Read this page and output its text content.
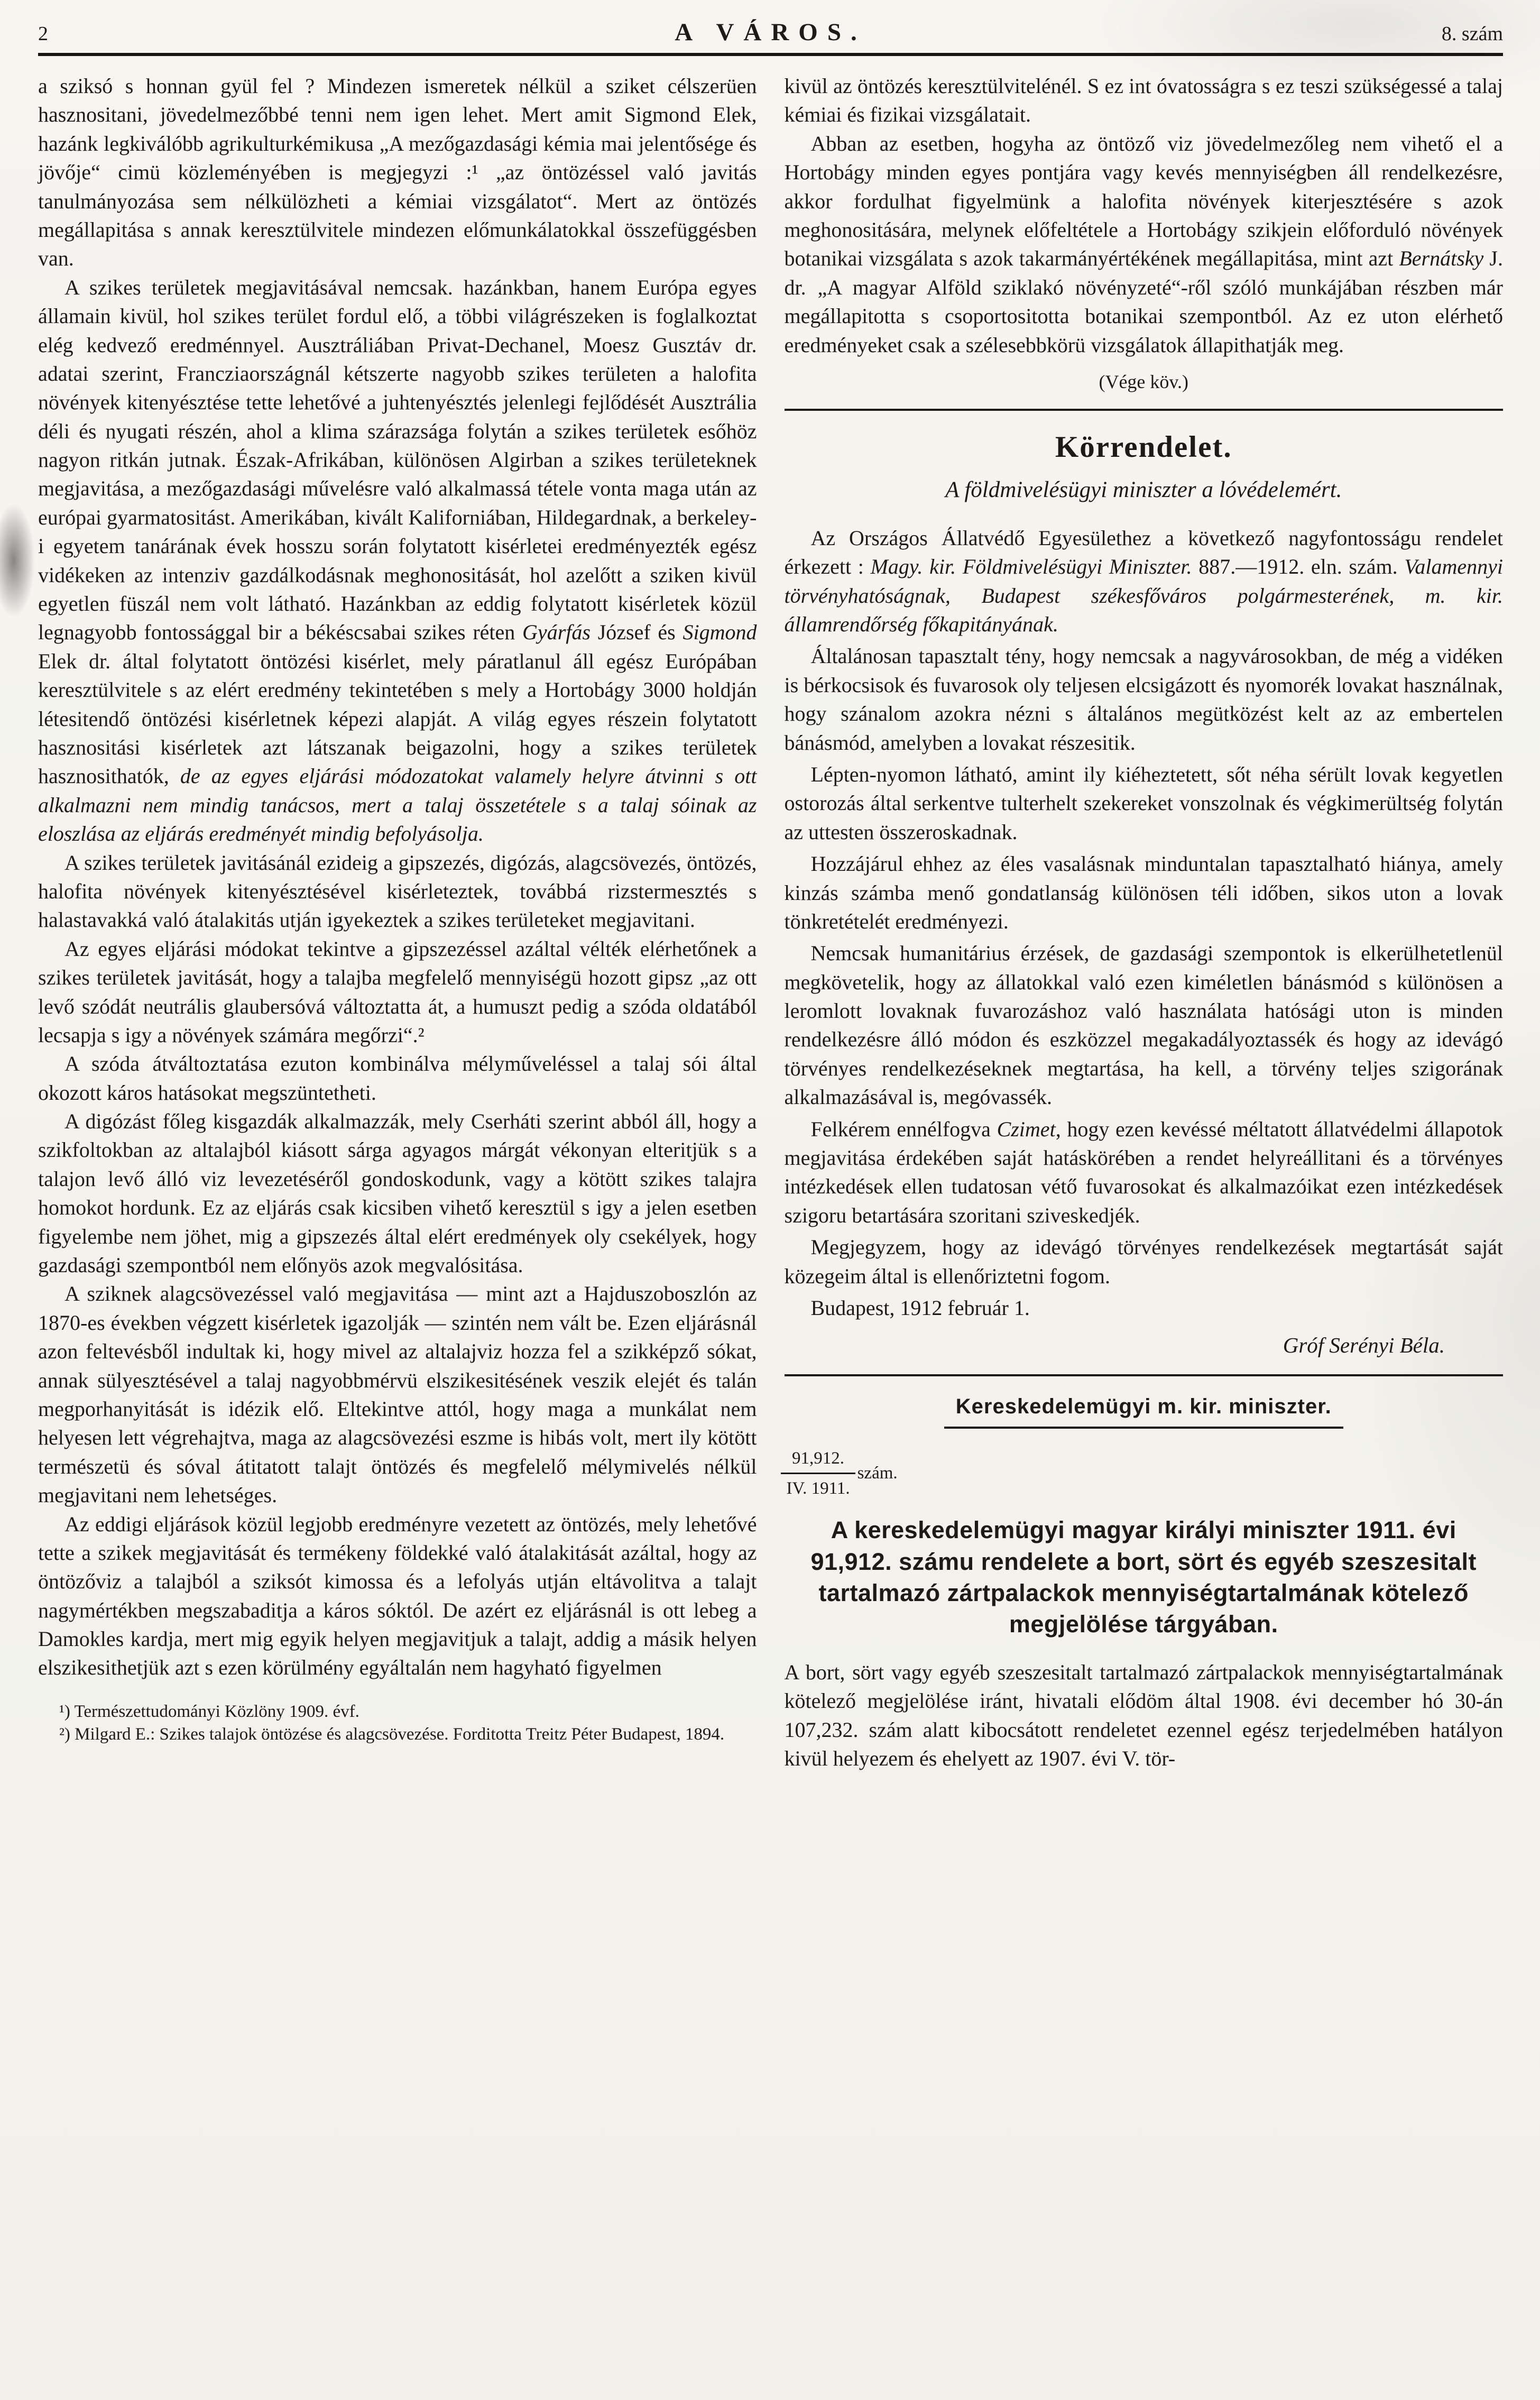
2	A VÁROS.	8. szám

a sziksó s honnan gyül fel ? Mindezen ismeretek nélkül a sziket célszerüen hasznositani, jövedelmezőbbé tenni nem igen lehet. Mert amit Sigmond Elek, hazánk legkiválóbb agrikulturkémikusa „A mezőgazdasági kémia mai jelentősége és jövője“ cimü közleményében is megjegyzi :¹ „az öntözéssel való javitás tanulmányozása sem nélkülözheti a kémiai vizsgálatot“. Mert az öntözés megállapitása s annak keresztülvitele mindezen előmunkálatokkal összefüggésben van.

A szikes területek megjavitásával nemcsak. hazánkban, hanem Európa egyes államain kivül, hol szikes terület fordul elő, a többi világrészeken is foglalkoztat elég kedvező eredménnyel. Ausztráliában Privat-Dechanel, Moesz Gusztáv dr. adatai szerint, Francziaországnál kétszerte nagyobb szikes területen a halofita növények kitenyésztése tette lehetővé a juhtenyésztés jelenlegi fejlődését Ausztrália déli és nyugati részén, ahol a klima szárazsága folytán a szikes területek esőhöz nagyon ritkán jutnak. Észak-Afrikában, különösen Algirban a szikes területeknek megjavitása, a mezőgazdasági művelésre való alkalmassá tétele vonta maga után az európai gyarmatositást. Amerikában, kivált Kaliforniában, Hildegardnak, a berkeley-i egyetem tanárának évek hosszu során folytatott kisérletei eredményezték egész vidékeken az intenziv gazdálkodásnak meghonositását, hol azelőtt a sziken kivül egyetlen füszál nem volt látható. Hazánkban az eddig folytatott kisérletek közül legnagyobb fontossággal bir a békéscsabai szikes réten Gyárfás József és Sigmond Elek dr. által folytatott öntözési kisérlet, mely páratlanul áll egész Európában keresztülvitele s az elért eredmény tekintetében s mely a Hortobágy 3000 holdján létesitendő öntözési kisérletnek képezi alapját. A világ egyes részein folytatott hasznositási kisérletek azt látszanak beigazolni, hogy a szikes területek hasznosithatók, de az egyes eljárási módozatokat valamely helyre átvinni s ott alkalmazni nem mindig tanácsos, mert a talaj összetétele s a talaj sóinak az eloszlása az eljárás eredményét mindig befolyásolja.

A szikes területek javitásánál ezideig a gipszezés, digózás, alagcsövezés, öntözés, halofita növények kitenyésztésével kisérleteztek, továbbá rizstermesztés s halastavakká való átalakitás utján igyekeztek a szikes területeket megjavitani.

Az egyes eljárási módokat tekintve a gipszezéssel azáltal vélték elérhetőnek a szikes területek javitását, hogy a talajba megfelelő mennyiségü hozott gipsz „az ott levő szódát neutrális glaubersóvá változtatta át, a humuszt pedig a szóda oldatából lecsapja s igy a növények számára megőrzi“.²

A szóda átváltoztatása ezuton kombinálva mélyműveléssel a talaj sói által okozott káros hatásokat megszüntetheti.

A digózást főleg kisgazdák alkalmazzák, mely Cserháti szerint abból áll, hogy a szikfoltokban az altalajból kiásott sárga agyagos márgát vékonyan elteritjük s a talajon levő álló viz levezetéséről gondoskodunk, vagy a kötött szikes talajra homokot hordunk. Ez az eljárás csak kicsiben vihető keresztül s igy a jelen esetben figyelembe nem jöhet, mig a gipszezés által elért eredmények oly csekélyek, hogy gazdasági szempontból nem előnyös azok megvalósitása.

A sziknek alagcsövezéssel való megjavitása — mint azt a Hajduszoboszlón az 1870-es években végzett kisérletek igazolják — szintén nem vált be. Ezen eljárásnál azon feltevésből indultak ki, hogy mivel az altalajviz hozza fel a szikképző sókat, annak sülyesztésével a talaj nagyobbmérvü elszikesitésének veszik elejét és talán megporhanyitását is idézik elő. Eltekintve attól, hogy maga a munkálat nem helyesen lett végrehajtva, maga az alagcsövezési eszme is hibás volt, mert ily kötött természetü és sóval átitatott talajt öntözés és megfelelő mélymivelés nélkül megjavitani nem lehetséges.

Az eddigi eljárások közül legjobb eredményre vezetett az öntözés, mely lehetővé tette a szikek megjavitását és termékeny földekké való átalakitását azáltal, hogy az öntözőviz a talajból a sziksót kimossa és a lefolyás utján eltávolitva a talajt nagymértékben megszabaditja a káros sóktól. De azért ez eljárásnál is ott lebeg a Damokles kardja, mert mig egyik helyen megjavitjuk a talajt, addig a másik helyen elszikesithetjük azt s ezen körülmény egyáltalán nem hagyható figyelmen

¹) Természettudományi Közlöny 1909. évf.

²) Milgard E.: Szikes talajok öntözése és alagcsövezése. Forditotta Treitz Péter Budapest, 1894.

kivül az öntözés keresztülvitelénél. S ez int óvatosságra s ez teszi szükségessé a talaj kémiai és fizikai vizsgálatait.

Abban az esetben, hogyha az öntöző viz jövedelmezőleg nem vihető el a Hortobágy minden egyes pontjára vagy kevés mennyiségben áll rendelkezésre, akkor fordulhat figyelmünk a halofita növények kiterjesztésére s azok meghonositására, melynek előfeltétele a Hortobágy szikjein előforduló növények botanikai vizsgálata s azok takarmányértékének megállapitása, mint azt Bernátsky J. dr. „A magyar Alföld sziklakó növényzeté“-ről szóló munkájában részben már megállapitotta s csoportositotta botanikai szempontból. Az ez uton elérhető eredményeket csak a szélesebbkörü vizsgálatok állapithatják meg.

(Vége köv.)

Körrendelet.

A földmivelésügyi miniszter a lóvédelemért.

Az Országos Állatvédő Egyesülethez a következő nagyfontosságu rendelet érkezett : Magy. kir. Földmivelésügyi Miniszter. 887.—1912. eln. szám. Valamennyi törvényhatóságnak, Budapest székesfőváros polgármesterének, m. kir. államrendőrség főkapitányának.

Általánosan tapasztalt tény, hogy nemcsak a nagyvárosokban, de még a vidéken is bérkocsisok és fuvarosok oly teljesen elcsigázott és nyomorék lovakat használnak, hogy szánalom azokra nézni s általános megütközést kelt az az embertelen bánásmód, amelyben a lovakat részesitik.

Lépten-nyomon látható, amint ily kiéheztetett, sőt néha sérült lovak kegyetlen ostorozás által serkentve tulterhelt szekereket vonszolnak és végkimerültség folytán az uttesten összeroskadnak.

Hozzájárul ehhez az éles vasalásnak minduntalan tapasztalható hiánya, amely kinzás számba menő gondatlanság különösen téli időben, sikos uton a lovak tönkretételét eredményezi.

Nemcsak humanitárius érzések, de gazdasági szempontok is elkerülhetetlenül megkövetelik, hogy az állatokkal való ezen kiméletlen bánásmód s különösen a leromlott lovaknak fuvarozáshoz való használata hatósági uton is minden rendelkezésre álló módon és eszközzel megakadályoztassék és hogy az idevágó törvényes rendelkezéseknek megtartása, ha kell, a törvény teljes szigorának alkalmazásával is, megóvassék.

Felkérem ennélfogva Czimet, hogy ezen kevéssé méltatott állatvédelmi állapotok megjavitása érdekében saját hatáskörében a rendet helyreállitani és a törvényes intézkedések ellen tudatosan vétő fuvarosokat és alkalmazóikat ezen intézkedések szigoru betartására szoritani sziveskedjék.

Megjegyzem, hogy az idevágó törvényes rendelkezések megtartását saját közegeim által is ellenőriztetni fogom.

Budapest, 1912 február 1.

Gróf Serényi Béla.

Kereskedelemügyi m. kir. miniszter.
$\frac{91,912.}{IV. 1911.}$ szám.
A kereskedelemügyi magyar királyi miniszter 1911. évi 91,912. számu rendelete a bort, sört és egyéb szeszesitalt tartalmazó zártpalackok mennyiségtartalmának kötelező megjelölése tárgyában.

A bort, sört vagy egyéb szeszesitalt tartalmazó zártpalackok mennyiségtartalmának kötelező megjelölése iránt, hivatali elődöm által 1908. évi december hó 30-án 107,232. szám alatt kibocsátott rendeletet ezennel egész terjedelmében hatályon kivül helyezem és ehelyett az 1907. évi V. tör-
